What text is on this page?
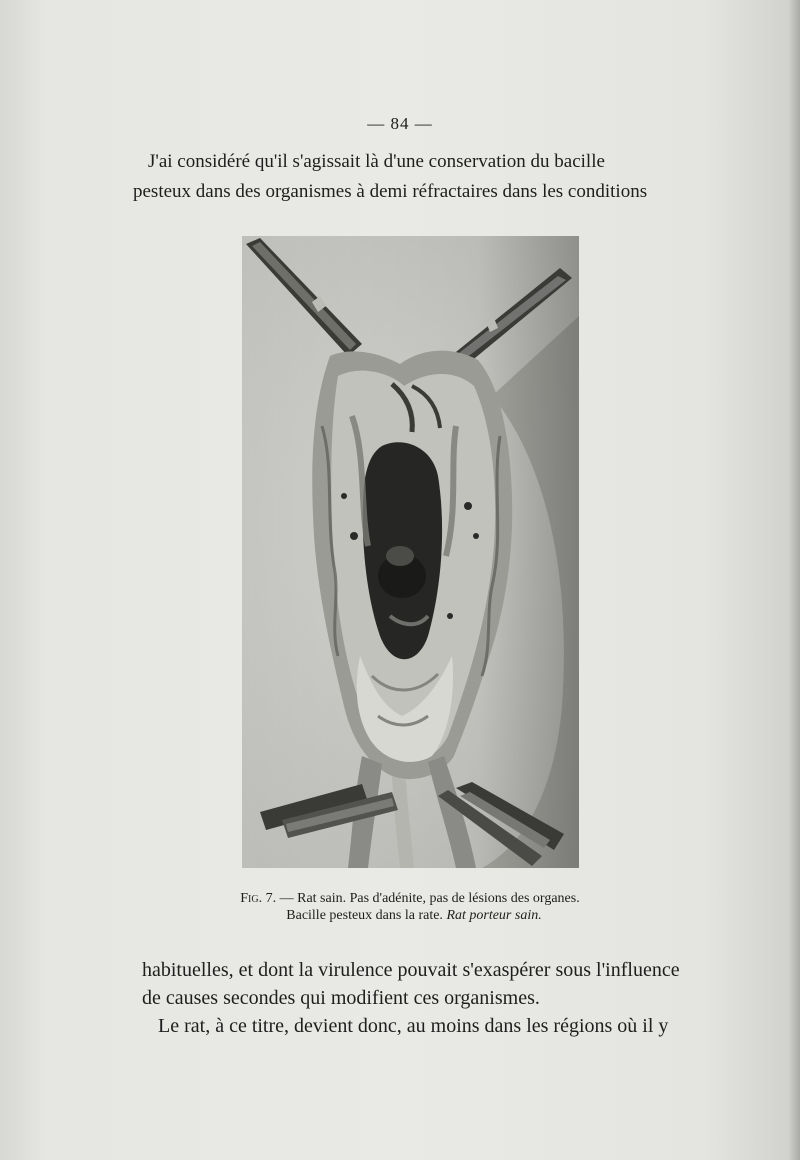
— 84 —
J'ai considéré qu'il s'agissait là d'une conservation du bacille
pesteux dans des organismes à demi réfractaires dans les conditions
Fig. 7. — Rat sain. Pas d'adénite, pas de lésions des organes.
Bacille pesteux dans la rate. Rat porteur sain.
habituelles, et dont la virulence pouvait s'exaspérer sous l'influence
de causes secondes qui modifient ces organismes.
Le rat, à ce titre, devient donc, au moins dans les régions où il y
